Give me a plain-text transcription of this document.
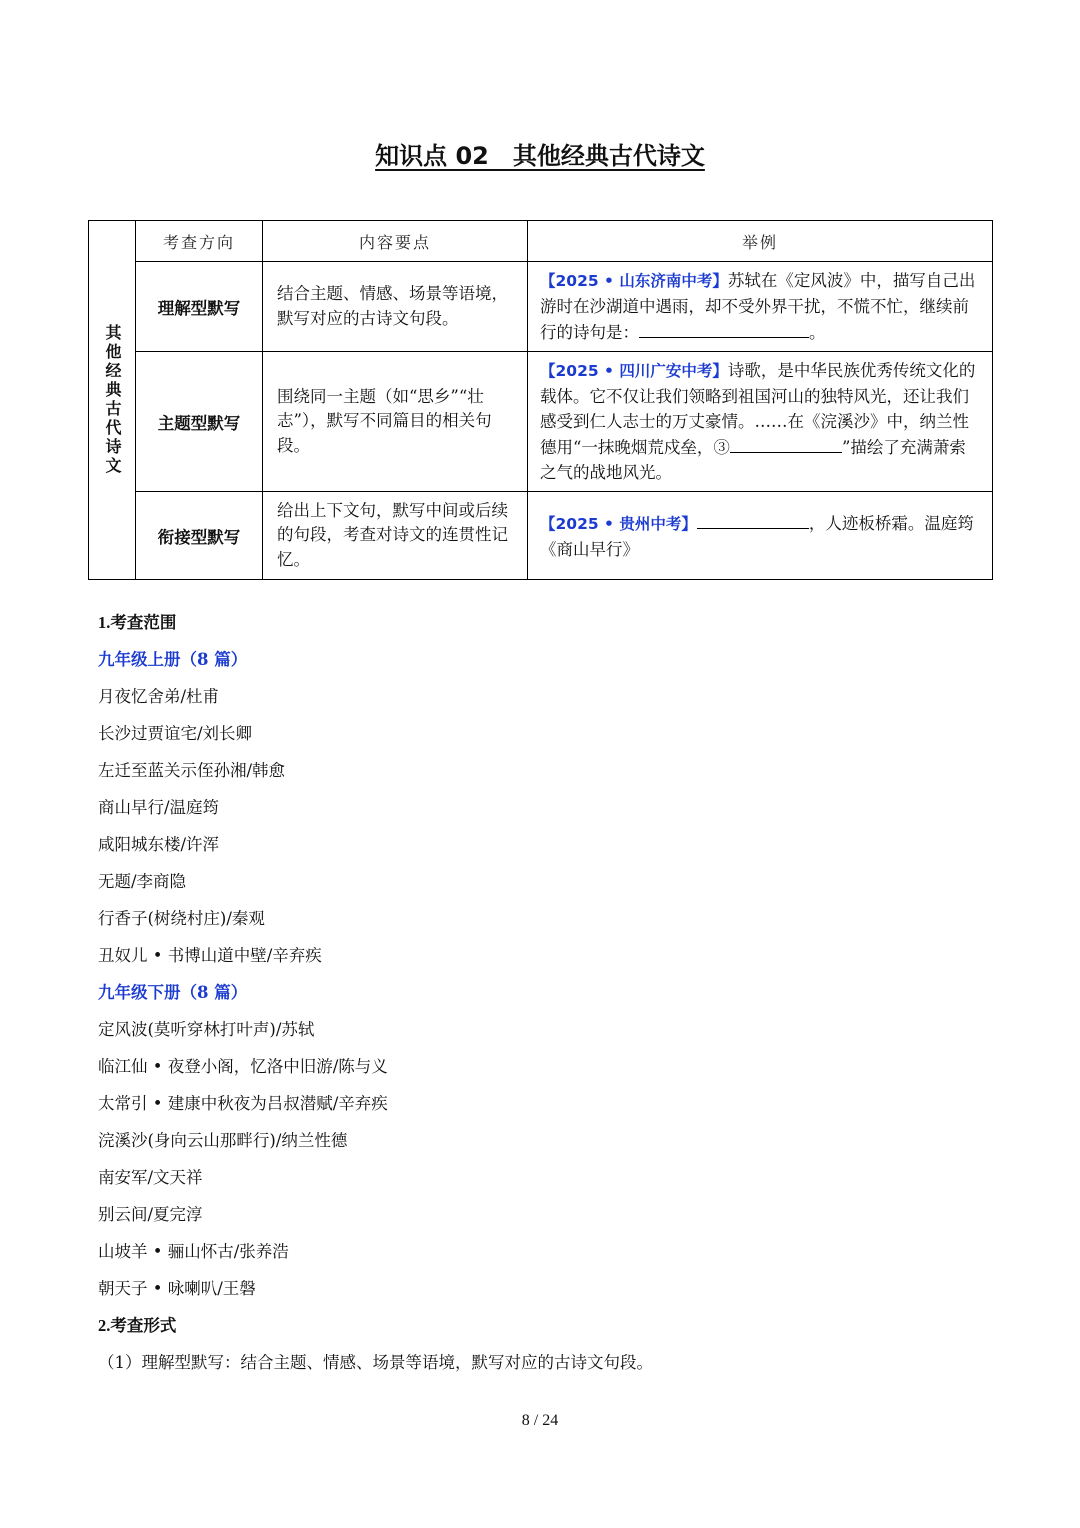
知识点 02　其他经典古代诗文
其他经典古代诗文	考查方向	内容要点	举例
	理解型默写	结合主题、情感、场景等语境，默写对应的古诗文句段。	【2025 • 山东济南中考】苏轼在《定风波》中，描写自己出游时在沙湖道中遇雨，却不受外界干扰，不慌不忙，继续前行的诗句是： 。
	主题型默写	围绕同一主题（如“思乡”“壮志”），默写不同篇目的相关句段。	【2025 • 四川广安中考】诗歌，是中华民族优秀传统文化的载体。它不仅让我们领略到祖国河山的独特风光，还让我们感受到仁人志士的万丈豪情。……在《浣溪沙》中，纳兰性德用“一抹晚烟荒戍垒，③ ”描绘了充满萧索之气的战地风光。
	衔接型默写	给出上下文句，默写中间或后续的句段，考查对诗文的连贯性记忆。	【2025 • 贵州中考】 ，人迹板桥霜。温庭筠《商山早行》
1.考查范围
九年级上册（8 篇）
月夜忆舍弟/杜甫
长沙过贾谊宅/刘长卿
左迁至蓝关示侄孙湘/韩愈
商山早行/温庭筠
咸阳城东楼/许浑
无题/李商隐
行香子(树绕村庄)/秦观
丑奴儿 • 书博山道中壁/辛弃疾
九年级下册（8 篇）
定风波(莫听穿林打叶声)/苏轼
临江仙 • 夜登小阁，忆洛中旧游/陈与义
太常引 • 建康中秋夜为吕叔潜赋/辛弃疾
浣溪沙(身向云山那畔行)/纳兰性德
南安军/文天祥
别云间/夏完淳
山坡羊 • 骊山怀古/张养浩
朝天子 • 咏喇叭/王磐
2.考查形式
（1）理解型默写：结合主题、情感、场景等语境，默写对应的古诗文句段。
8 / 24
